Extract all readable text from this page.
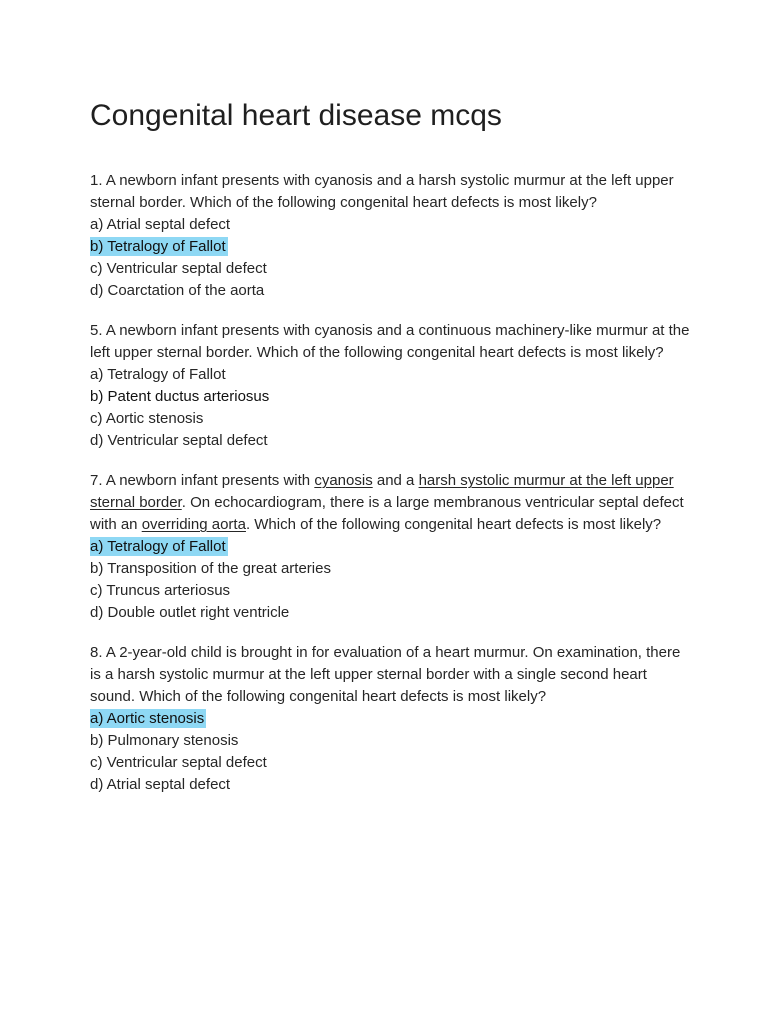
Congenital heart disease mcqs

1. A newborn infant presents with cyanosis and a harsh systolic murmur at the left upper sternal border. Which of the following congenital heart defects is most likely?

a) Atrial septal defect
b) Tetralogy of Fallot
c) Ventricular septal defect
d) Coarctation of the aorta

5. A newborn infant presents with cyanosis and a continuous machinery-like murmur at the left upper sternal border. Which of the following congenital heart defects is most likely?

a) Tetralogy of Fallot
b) Patent ductus arteriosus
c) Aortic stenosis
d) Ventricular septal defect

7. A newborn infant presents with cyanosis and a harsh systolic murmur at the left upper sternal border. On echocardiogram, there is a large membranous ventricular septal defect with an overriding aorta. Which of the following congenital heart defects is most likely?

a) Tetralogy of Fallot
b) Transposition of the great arteries
c) Truncus arteriosus
d) Double outlet right ventricle

8. A 2-year-old child is brought in for evaluation of a heart murmur. On examination, there is a harsh systolic murmur at the left upper sternal border with a single second heart sound. Which of the following congenital heart defects is most likely?

a) Aortic stenosis
b) Pulmonary stenosis
c) Ventricular septal defect
d) Atrial septal defect
